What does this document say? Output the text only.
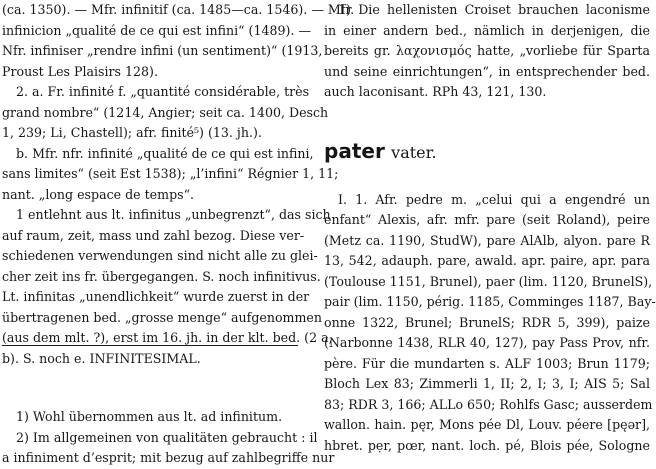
(ca. 1350). — Mfr. infinitif (ca. 1485—ca. 1546). — Mfr.
infinicion „qualité de ce qui est infini“ (1489). —
Nfr. infiniser „rendre infini (un sentiment)“ (1913,
Proust Les Plaisirs 128).
2. a. Fr. infinité f. „quantité considérable, très
grand nombre“ (1214, Angier; seit ca. 1400, Desch
1, 239; Li, Chastell); afr. finité⁵) (13. jh.).
b. Mfr. nfr. infinité „qualité de ce qui est infini,
sans limites“ (seit Est 1538); „l’infini“ Régnier 1, 11;
nant. „long espace de temps“.
1 entlehnt aus lt. infinitus „unbegrenzt“, das sich
auf raum, zeit, mass und zahl bezog. Diese ver-
schiedenen verwendungen sind nicht alle zu glei-
cher zeit ins fr. übergegangen. S. noch infinitivus.
Lt. infinitas „unendlichkeit“ wurde zuerst in der
übertragenen bed. „grosse menge“ aufgenommen
(aus dem mlt. ?), erst im 16. jh. in der klt. bed. (2 a,
b). S. noch e. INFINITESIMAL.
1) Wohl übernommen aus lt. ad infinitum.
2) Im allgemeinen von qualitäten gebraucht : il
a infiniment d’esprit; mit bezug auf zahlbegriffe nur
1) Die hellenisten Croiset brauchen laconisme
in einer andern bed., nämlich in derjenigen, die
bereits gr. λαχονισμός hatte, „vorliebe für Sparta
und seine einrichtungen“, in entsprechender bed.
auch laconisant. RPh 43, 121, 130.
pater vater.
I. 1. Afr. pedre m. „celui qui a engendré un
enfant“ Alexis, afr. mfr. pare (seit Roland), peire
(Metz ca. 1190, StudW), pare AlAlb, alyon. pare R
13, 542, adauph. pare, awald. apr. paire, apr. para
(Toulouse 1151, Brunel), paer (lim. 1120, BrunelS),
pair (lim. 1150, périg. 1185, Comminges 1187, Bay-
onne 1322, Brunel; BrunelS; RDR 5, 399), paize
(Narbonne 1438, RLR 40, 127), pay Pass Prov, nfr.
père. Für die mundarten s. ALF 1003; Brun 1179;
Bloch Lex 83; Zimmerli 1, II; 2, I; 3, I; AIS 5; Sal
83; RDR 3, 166; ALLo 650; Rohlfs Gasc; ausserdem
wallon. hain. pęr, Mons pée Dl, Louv. péere [pęər],
hbret. pẹr, pœr, nant. loch. pé, Blois pée, Sologne
